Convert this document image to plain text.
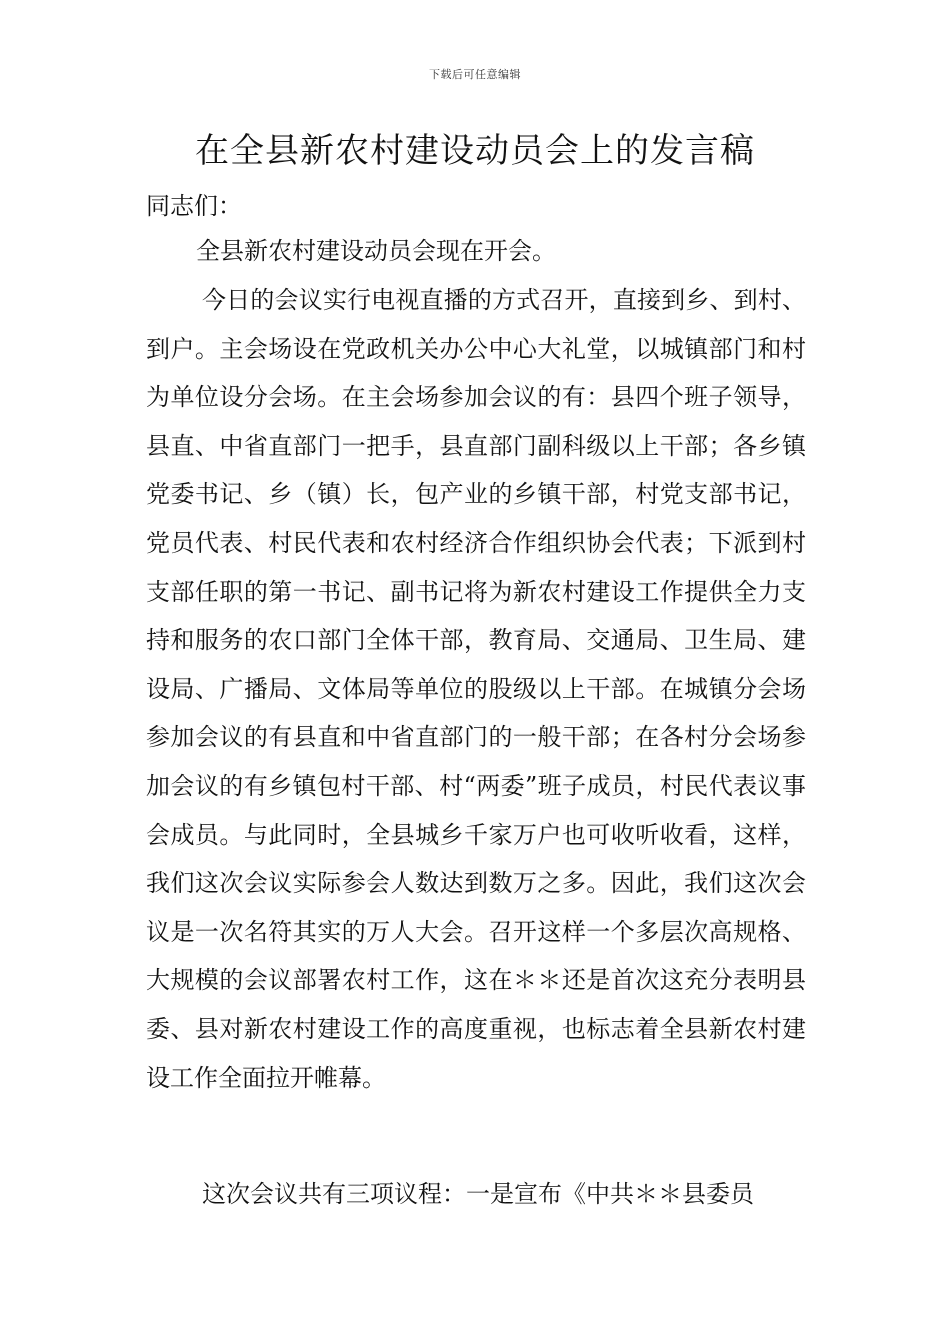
下载后可任意编辑
在全县新农村建设动员会上的发言稿

同志们：

全县新农村建设动员会现在开会。

今日的会议实行电视直播的方式召开，直接到乡、到村、到户。主会场设在党政机关办公中心大礼堂，以城镇部门和村为单位设分会场。在主会场参加会议的有：县四个班子领导，县直、中省直部门一把手，县直部门副科级以上干部；各乡镇党委书记、乡（镇）长，包产业的乡镇干部，村党支部书记，党员代表、村民代表和农村经济合作组织协会代表；下派到村支部任职的第一书记、副书记将为新农村建设工作提供全力支持和服务的农口部门全体干部，教育局、交通局、卫生局、建设局、广播局、文体局等单位的股级以上干部。在城镇分会场参加会议的有县直和中省直部门的一般干部；在各村分会场参加会议的有乡镇包村干部、村“两委”班子成员，村民代表议事会成员。与此同时，全县城乡千家万户也可收听收看，这样，我们这次会议实际参会人数达到数万之多。因此，我们这次会议是一次名符其实的万人大会。召开这样一个多层次高规格、大规模的会议部署农村工作，这在＊＊还是首次这充分表明县委、县对新农村建设工作的高度重视，也标志着全县新农村建设工作全面拉开帷幕。

这次会议共有三项议程：一是宣布《中共＊＊县委员
